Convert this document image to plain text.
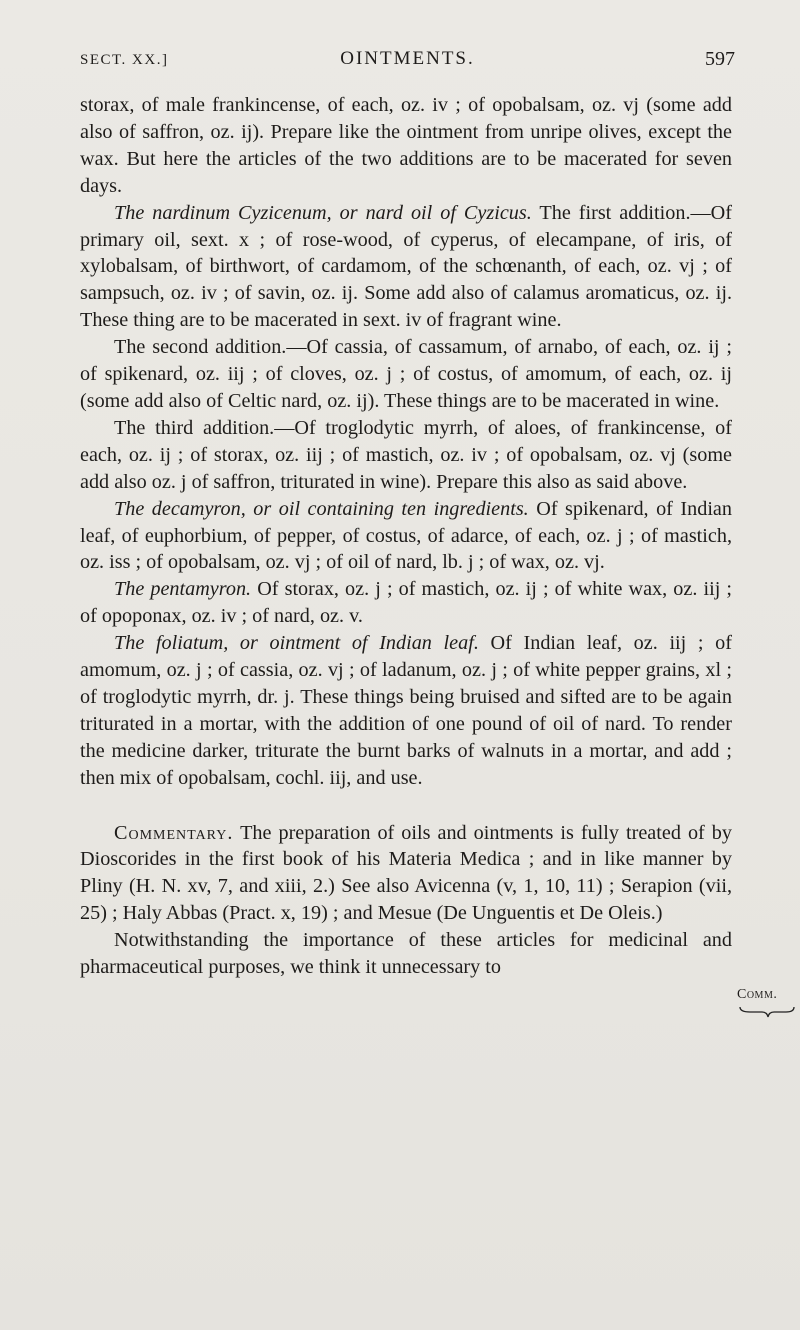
SECT. XX.]	OINTMENTS.	597

storax, of male frankincense, of each, oz. iv ; of opobalsam, oz. vj (some add also of saffron, oz. ij). Prepare like the ointment from unripe olives, except the wax. But here the articles of the two additions are to be macerated for seven days.

The nardinum Cyzicenum, or nard oil of Cyzicus. The first addition.—Of primary oil, sext. x ; of rose-wood, of cyperus, of elecampane, of iris, of xylobalsam, of birthwort, of cardamom, of the schœnanth, of each, oz. vj ; of sampsuch, oz. iv ; of savin, oz. ij. Some add also of calamus aromaticus, oz. ij. These thing are to be macerated in sext. iv of fragrant wine.

The second addition.—Of cassia, of cassamum, of arnabo, of each, oz. ij ; of spikenard, oz. iij ; of cloves, oz. j ; of costus, of amomum, of each, oz. ij (some add also of Celtic nard, oz. ij). These things are to be macerated in wine.

The third addition.—Of troglodytic myrrh, of aloes, of frankincense, of each, oz. ij ; of storax, oz. iij ; of mastich, oz. iv ; of opobalsam, oz. vj (some add also oz. j of saffron, triturated in wine). Prepare this also as said above.

The decamyron, or oil containing ten ingredients. Of spikenard, of Indian leaf, of euphorbium, of pepper, of costus, of adarce, of each, oz. j ; of mastich, oz. iss ; of opobalsam, oz. vj ; of oil of nard, lb. j ; of wax, oz. vj.

The pentamyron. Of storax, oz. j ; of mastich, oz. ij ; of white wax, oz. iij ; of opoponax, oz. iv ; of nard, oz. v.

The foliatum, or ointment of Indian leaf. Of Indian leaf, oz. iij ; of amomum, oz. j ; of cassia, oz. vj ; of ladanum, oz. j ; of white pepper grains, xl ; of troglodytic myrrh, dr. j. These things being bruised and sifted are to be again triturated in a mortar, with the addition of one pound of oil of nard. To render the medicine darker, triturate the burnt barks of walnuts in a mortar, and add ; then mix of opobalsam, cochl. iij, and use.

Commentary. The preparation of oils and ointments is fully treated of by Dioscorides in the first book of his Materia Medica ; and in like manner by Pliny (H. N. xv, 7, and xiii, 2.) See also Avicenna (v, 1, 10, 11) ; Serapion (vii, 25) ; Haly Abbas (Pract. x, 19) ; and Mesue (De Unguentis et De Oleis.)

Notwithstanding the importance of these articles for medicinal and pharmaceutical purposes, we think it unnecessary to

Comm.
